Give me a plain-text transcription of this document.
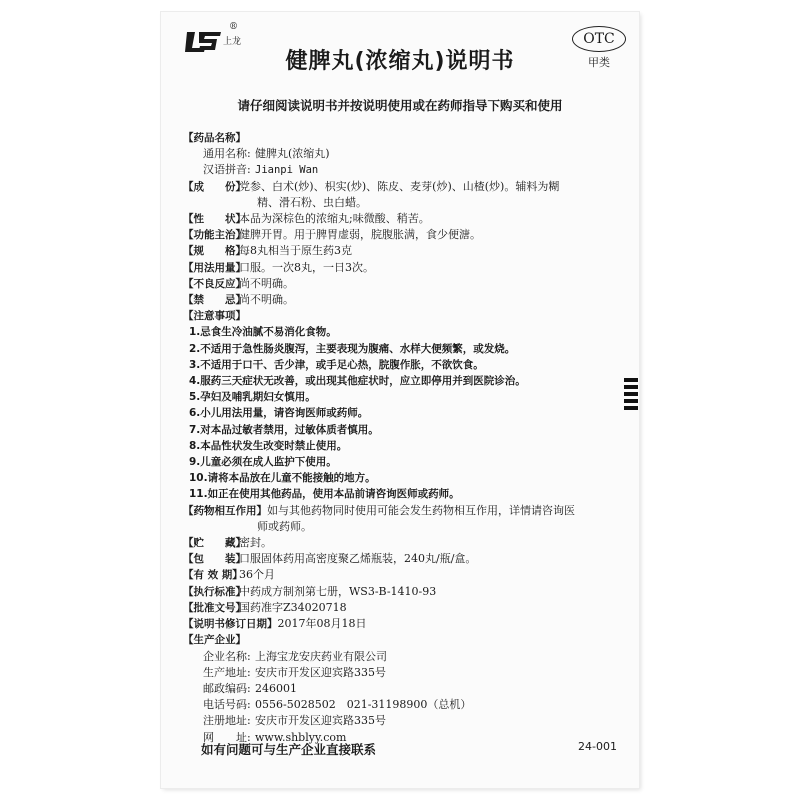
上龙
®
健脾丸(浓缩丸)说明书
OTC
甲类
请仔细阅读说明书并按说明使用或在药师指导下购买和使用
【药品名称】
通用名称: 健脾丸(浓缩丸)
汉语拼音: Jianpi Wan
【成　　份】
党参、白术(炒)、枳实(炒)、陈皮、麦芽(炒)、山楂(炒)。辅料为糊
精、滑石粉、虫白蜡。
【性　　状】
本品为深棕色的浓缩丸;味微酸、稍苦。
【功能主治】
健脾开胃。用于脾胃虚弱，脘腹胀满，食少便溏。
【规　　格】
每8丸相当于原生药3克
【用法用量】
口服。一次8丸，一日3次。
【不良反应】
尚不明确。
【禁　　忌】
尚不明确。
【注意事项】
1.忌食生冷油腻不易消化食物。
2.不适用于急性肠炎腹泻，主要表现为腹痛、水样大便频繁，或发烧。
3.不适用于口干、舌少津，或手足心热，脘腹作胀，不欲饮食。
4.服药三天症状无改善，或出现其他症状时，应立即停用并到医院诊治。
5.孕妇及哺乳期妇女慎用。
6.小儿用法用量，请咨询医师或药师。
7.对本品过敏者禁用，过敏体质者慎用。
8.本品性状发生改变时禁止使用。
9.儿童必须在成人监护下使用。
10.请将本品放在儿童不能接触的地方。
11.如正在使用其他药品，使用本品前请咨询医师或药师。
【药物相互作用】 如与其他药物同时使用可能会发生药物相互作用，详情请咨询医
师或药师。
【贮　　藏】
密封。
【包　　装】
口服固体药用高密度聚乙烯瓶装，240丸/瓶/盒。
【有 效 期】
36个月
【执行标准】
中药成方制剂第七册，WS3-B-1410-93
【批准文号】
国药准字Z34020718
【说明书修订日期】 2017年08月18日
【生产企业】
企业名称: 上海宝龙安庆药业有限公司
生产地址: 安庆市开发区迎宾路335号
邮政编码: 246001
电话号码: 0556-5028502　021-31198900（总机）
注册地址: 安庆市开发区迎宾路335号
网　　址: www.shblyy.com
如有问题可与生产企业直接联系	24-001
